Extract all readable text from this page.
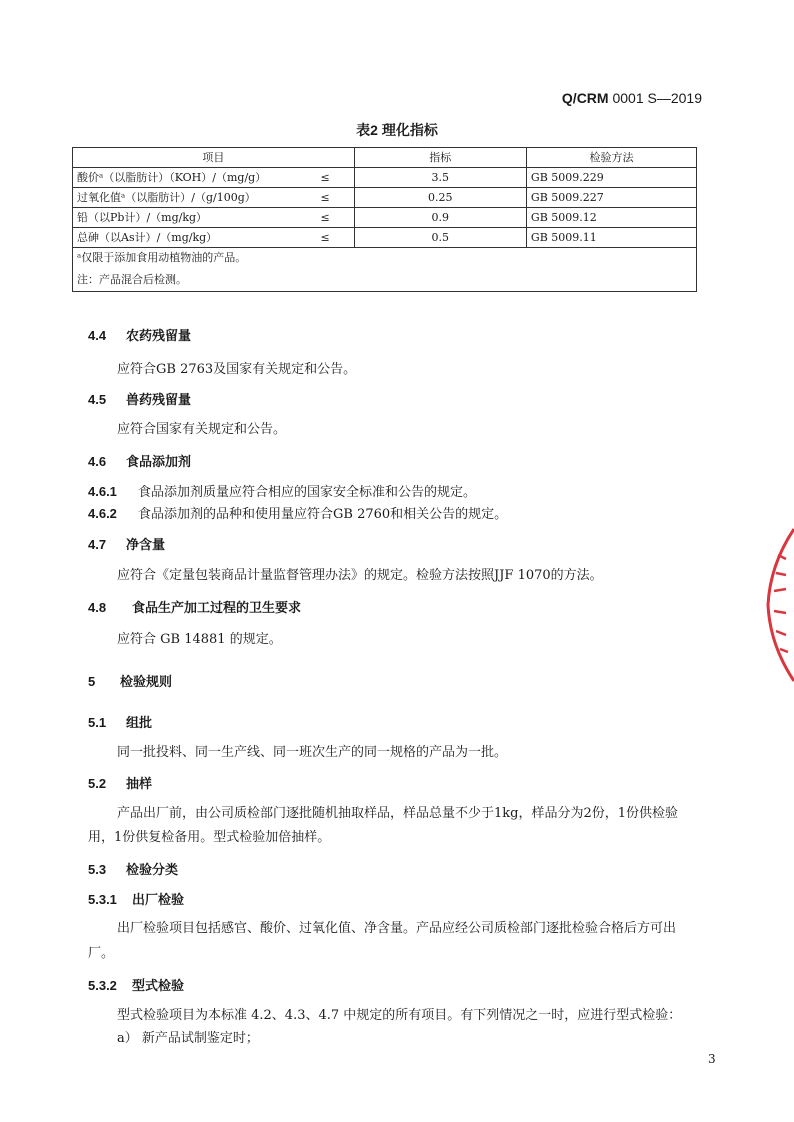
Q/CRM 0001 S—2019
表2 理化指标
项目	指标	检验方法
酸价ᵃ（以脂肪计）（KOH）/（mg/g） ≤	3.5	GB 5009.229
过氧化值ᵃ（以脂肪计）/（g/100g） ≤	0.25	GB 5009.227
铅（以Pb计）/（mg/kg） ≤	0.9	GB 5009.12
总砷（以As计）/（mg/kg） ≤	0.5	GB 5009.11
ᵃ仅限于添加食用动植物油的产品。		
注：产品混合后检测。		
4.4 农药残留量
应符合GB 2763及国家有关规定和公告。
4.5 兽药残留量
应符合国家有关规定和公告。
4.6 食品添加剂
4.6.1 食品添加剂质量应符合相应的国家安全标准和公告的规定。
4.6.2 食品添加剂的品种和使用量应符合GB 2760和相关公告的规定。
4.7 净含量
应符合《定量包装商品计量监督管理办法》的规定。检验方法按照JJF 1070的方法。
4.8 食品生产加工过程的卫生要求
应符合 GB 14881 的规定。
5 检验规则
5.1 组批
同一批投料、同一生产线、同一班次生产的同一规格的产品为一批。
5.2 抽样
产品出厂前，由公司质检部门逐批随机抽取样品，样品总量不少于1kg，样品分为2份，1份供检验
用，1份供复检备用。型式检验加倍抽样。
5.3 检验分类
5.3.1 出厂检验
出厂检验项目包括感官、酸价、过氧化值、净含量。产品应经公司质检部门逐批检验合格后方可出
厂。
5.3.2 型式检验
型式检验项目为本标准 4.2、4.3、4.7 中规定的所有项目。有下列情况之一时，应进行型式检验：
a） 新产品试制鉴定时；
3
